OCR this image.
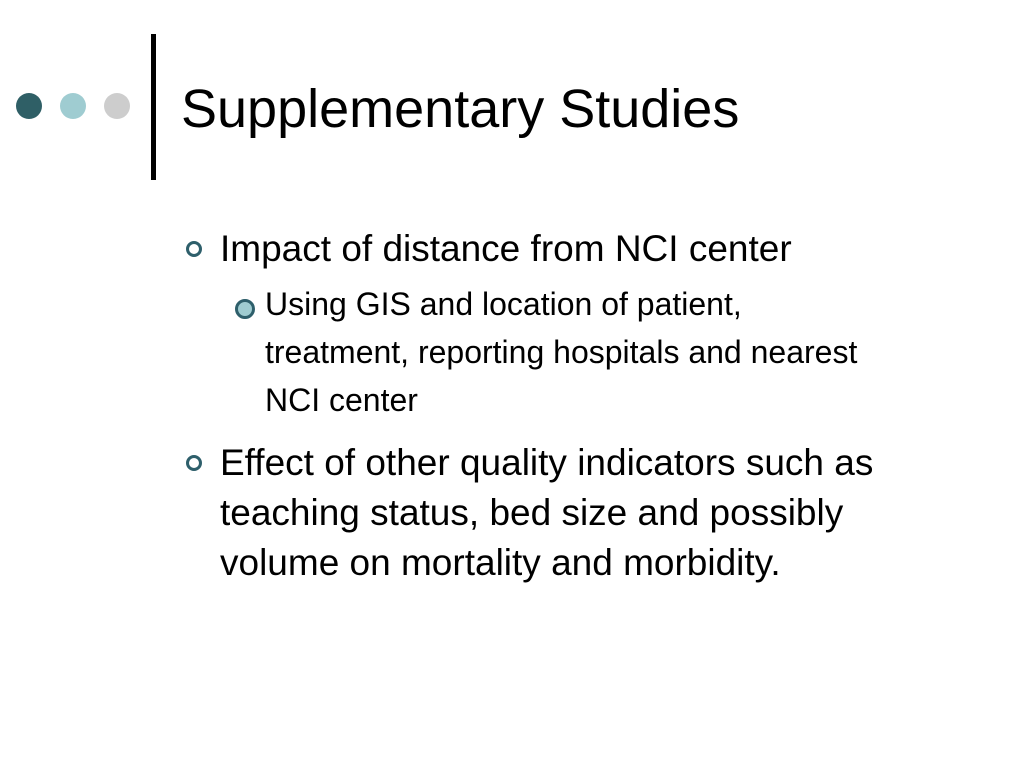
Supplementary Studies
Impact of distance from NCI center
Using GIS and location of patient, treatment, reporting hospitals and nearest NCI center
Effect of other quality indicators such as teaching status, bed size and possibly volume on mortality and morbidity.
